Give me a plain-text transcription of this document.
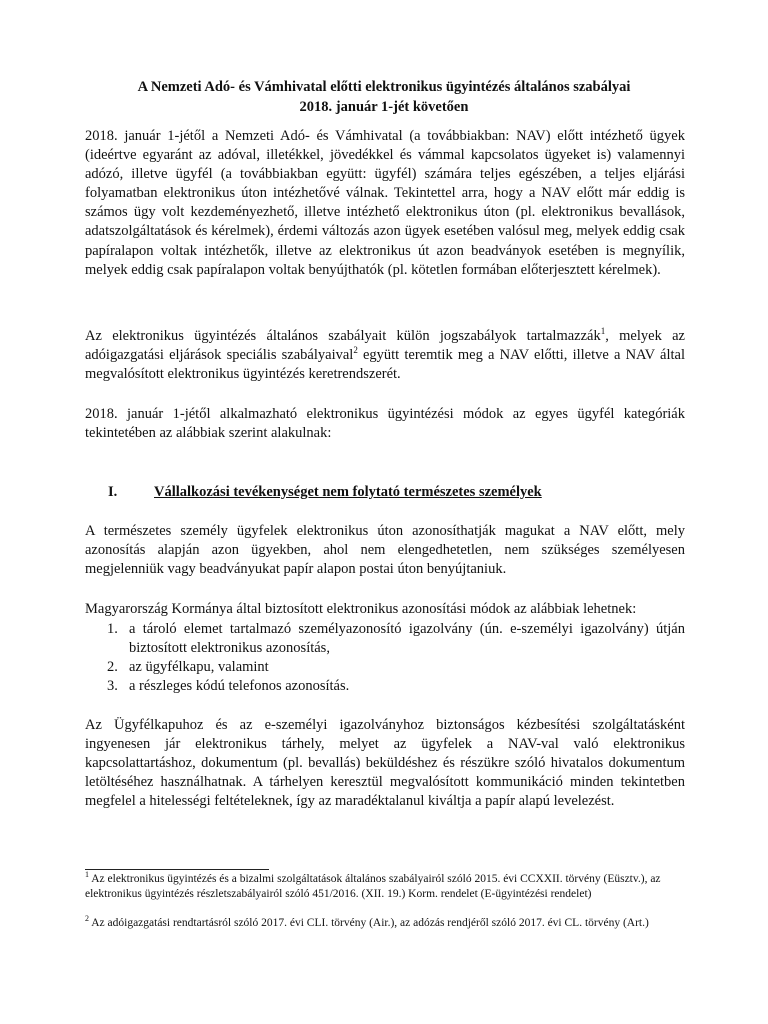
A Nemzeti Adó- és Vámhivatal előtti elektronikus ügyintézés általános szabályai
2018. január 1-jét követően
2018. január 1-jétől a Nemzeti Adó- és Vámhivatal (a továbbiakban: NAV) előtt intézhető ügyek (ideértve egyaránt az adóval, illetékkel, jövedékkel és vámmal kapcsolatos ügyeket is) valamennyi adózó, illetve ügyfél (a továbbiakban együtt: ügyfél) számára teljes egészében, a teljes eljárási folyamatban elektronikus úton intézhetővé válnak. Tekintettel arra, hogy a NAV előtt már eddig is számos ügy volt kezdeményezhető, illetve intézhető elektronikus úton (pl. elektronikus bevallások, adatszolgáltatások és kérelmek), érdemi változás azon ügyek esetében valósul meg, melyek eddig csak papíralapon voltak intézhetők, illetve az elektronikus út azon beadványok esetében is megnyílik, melyek eddig csak papíralapon voltak benyújthatók (pl. kötetlen formában előterjesztett kérelmek).
Az elektronikus ügyintézés általános szabályait külön jogszabályok tartalmazzák$^1$, melyek az adóigazgatási eljárások speciális szabályaival$^2$ együtt teremtik meg a NAV előtti, illetve a NAV által megvalósított elektronikus ügyintézés keretrendszerét.
2018. január 1-jétől alkalmazható elektronikus ügyintézési módok az egyes ügyfél kategóriák tekintetében az alábbiak szerint alakulnak:
I.	Vállalkozási tevékenységet nem folytató természetes személyek
A természetes személy ügyfelek elektronikus úton azonosíthatják magukat a NAV előtt, mely azonosítás alapján azon ügyekben, ahol nem elengedhetetlen, nem szükséges személyesen megjelenniük vagy beadványukat papír alapon postai úton benyújtaniuk.
Magyarország Kormánya által biztosított elektronikus azonosítási módok az alábbiak lehetnek:
1. a tároló elemet tartalmazó személyazonosító igazolvány (ún. e-személyi igazolvány) útján biztosított elektronikus azonosítás,
2. az ügyfélkapu, valamint
3. a részleges kódú telefonos azonosítás.
Az Ügyfélkapuhoz és az e-személyi igazolványhoz biztonságos kézbesítési szolgáltatásként ingyenesen jár elektronikus tárhely, melyet az ügyfelek a NAV-val való elektronikus kapcsolattartáshoz, dokumentum (pl. bevallás) beküldéshez és részükre szóló hivatalos dokumentum letöltéséhez használhatnak. A tárhelyen keresztül megvalósított kommunikáció minden tekintetben megfelel a hitelességi feltételeknek, így az maradéktalanul kiváltja a papír alapú levelezést.
$^1$ Az elektronikus ügyintézés és a bizalmi szolgáltatások általános szabályairól szóló 2015. évi CCXXII. törvény (Eüsztv.), az elektronikus ügyintézés részletszabályairól szóló 451/2016. (XII. 19.) Korm. rendelet (E-ügyintézési rendelet)
$^2$ Az adóigazgatási rendtartásról szóló 2017. évi CLI. törvény (Air.), az adózás rendjéről szóló 2017. évi CL. törvény (Art.)
